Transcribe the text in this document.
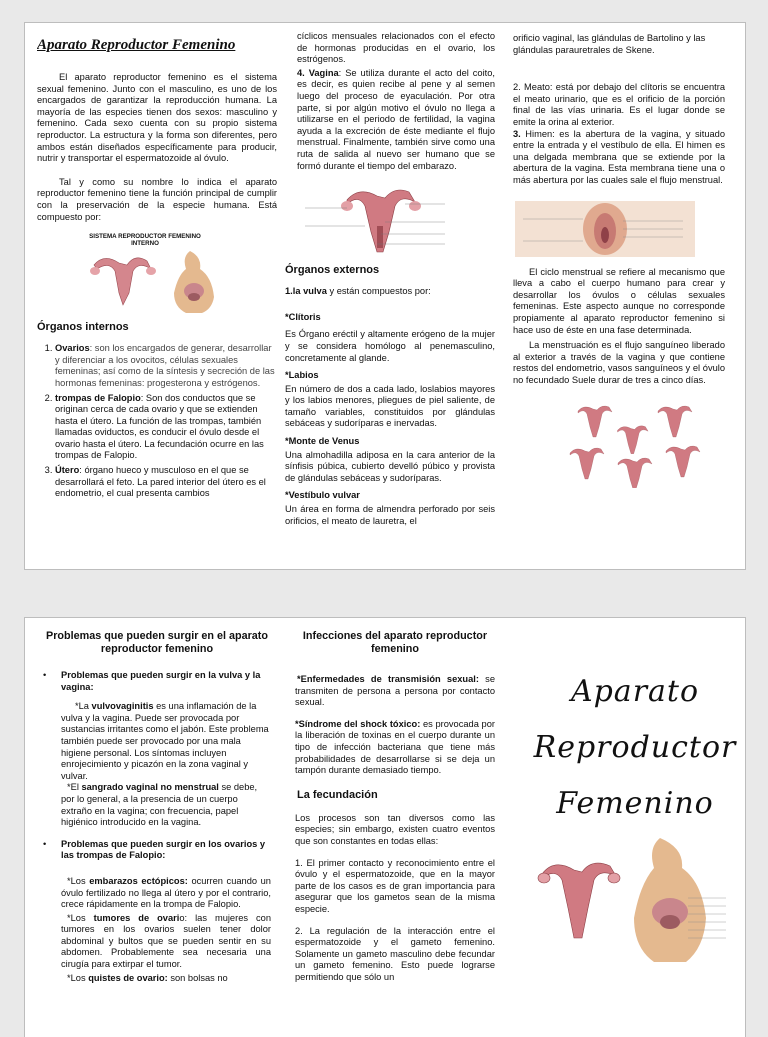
Aparato Reproductor Femenino

El aparato reproductor femenino es el sistema sexual femenino. Junto con el masculino, es uno de los encargados de garantizar la reproducción humana. La mayoría de las especies tienen dos sexos: masculino y femenino. Cada sexo cuenta con su propio sistema reproductor. La estructura y la forma son diferentes, pero ambos están diseñados específicamente para producir, nutrir y transportar el espermatozoide al óvulo.

Tal y como su nombre lo indica el aparato reproductor femenino tiene la función principal de cumplir con la preservación de la especie humana. Está compuesto por:

SISTEMA REPRODUCTOR FEMENINO INTERNO
Órganos internos
1. Ovarios: son los encargados de generar, desarrollar y diferenciar a los ovocitos, células sexuales femeninas; así como de la síntesis y secreción de las hormonas femeninas: progesterona y estrógenos.
2. trompas de Falopio: Son dos conductos que se originan cerca de cada ovario y que se extienden hasta el útero. La función de las trompas, también llamadas oviductos, es conducir el óvulo desde el ovario hasta el útero. La fecundación ocurre en las trompas de Falopio.
3. Útero: órgano hueco y musculoso en el que se desarrollará el feto. La pared interior del útero es el endometrio, el cual presenta cambios

cíclicos mensuales relacionados con el efecto de hormonas producidas en el ovario, los estrógenos.

4. Vagina: Se utiliza durante el acto del coito, es decir, es quien recibe al pene y al semen luego del proceso de eyaculación. Por otra parte, si por algún motivo el óvulo no llega a utilizarse en el periodo de fertilidad, la vagina ayuda a la excreción de éste mediante el flujo menstrual. Finalmente, también sirve como una ruta de salida al nuevo ser humano que se formó durante el tiempo del embarazo.

Órganos externos

1.la vulva y están compuestos por:

*Clítoris
Es Órgano eréctil y altamente erógeno de la mujer y se considera homólogo al penemasculino, concretamente al glande.
*Labios
En número de dos a cada lado, loslabios mayores y los labios menores, pliegues de piel saliente, de tamaño variables, constituidos por glándulas sebáceas y sudoríparas e inervadas.
*Monte de Venus
Una almohadilla adiposa en la cara anterior de la sínfisis púbica, cubierto develló púbico y provista de glándulas sebáceas y sudoríparas.
*Vestíbulo vulvar
Un área en forma de almendra perforado por seis orificios, el meato de lauretra, el

orificio vaginal, las glándulas de Bartolino y las glándulas parauretrales de Skene.

2. Meato: está por debajo del clítoris se encuentra el meato urinario, que es el orificio de la porción final de las vías urinaria. Es el lugar donde se emite la orina al exterior.

3. Himen: es la abertura de la vagina, y situado entre la entrada y el vestíbulo de ella. El himen es una delgada membrana que se extiende por la abertura de la vagina. Esta membrana tiene una o más abertura por las cuales sale el flujo menstrual.

El ciclo menstrual se refiere al mecanismo que lleva a cabo el cuerpo humano para crear y desarrollar los óvulos o células sexuales femeninas. Este aspecto aunque no corresponde propiamente al aparato reproductor femenino si hace uso de éste en una fase determinada.

La menstruación es el flujo sanguíneo liberado al exterior a través de la vagina y que contiene restos del endometrio, vasos sanguíneos y el óvulo no fecundado Suele durar de tres a cinco días.

Problemas que pueden surgir en el aparato reproductor femenino
•	Problemas que pueden surgir en la vulva y la vagina:

*La vulvovaginitis es una inflamación de la vulva y la vagina. Puede ser provocada por sustancias irritantes como el jabón. Este problema también puede ser provocado por una mala higiene personal. Los síntomas incluyen enrojecimiento y picazón en la zona vaginal y vulvar.

*El sangrado vaginal no menstrual se debe, por lo general, a la presencia de un cuerpo extraño en la vagina; con frecuencia, papel higiénico introducido en la vagina.

•	Problemas que pueden surgir en los ovarios y las trompas de Falopio:

*Los embarazos ectópicos: ocurren cuando un óvulo fertilizado no llega al útero y por el contrario, crece rápidamente en la trompa de Falopio.

*Los tumores de ovario: las mujeres con tumores en los ovarios suelen tener dolor abdominal y bultos que se pueden sentir en su abdomen. Probablemente sea necesaria una cirugía para extirpar el tumor.

*Los quistes de ovario: son bolsas no

Infecciones del aparato reproductor femenino

*Enfermedades de transmisión sexual: se transmiten de persona a persona por contacto sexual.

*Síndrome del shock tóxico: es provocada por la liberación de toxinas en el cuerpo durante un tipo de infección bacteriana que tiene más probabilidades de desarrollarse si se deja un tampón durante demasiado tiempo.

La fecundación

Los procesos son tan diversos como las especies; sin embargo, existen cuatro eventos que son constantes en todas ellas:

1. El primer contacto y reconocimiento entre el óvulo y el espermatozoide, que en la mayor parte de los casos es de gran importancia para asegurar que los gametos sean de la misma especie.

2. La regulación de la interacción entre el espermatozoide y el gameto femenino. Solamente un gameto masculino debe fecundar un gameto femenino. Esto puede lograrse permitiendo que sólo un

Aparato
Reproductor
Femenino
